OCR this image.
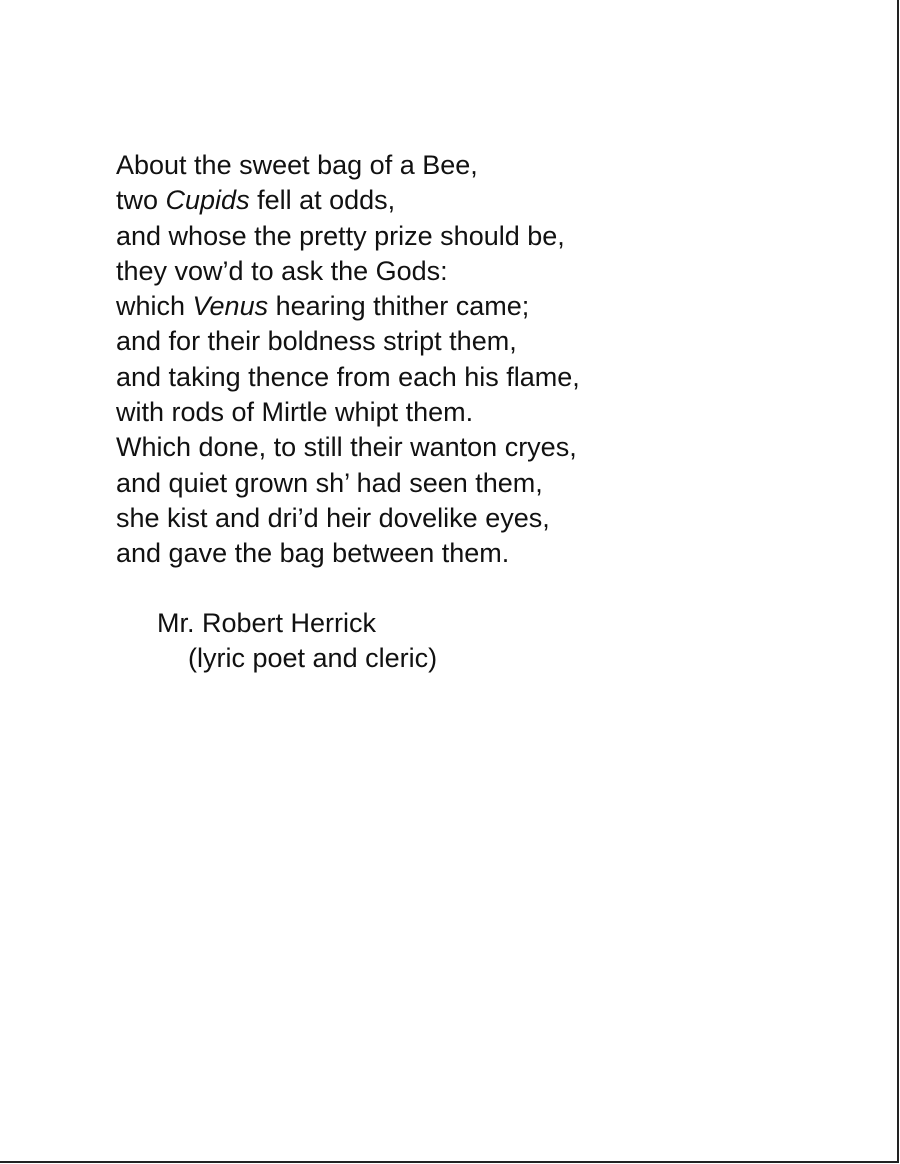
About the sweet bag of a Bee,

two Cupids fell at odds,

and whose the pretty prize should be,

they vow’d to ask the Gods:

which Venus hearing thither came;

and for their boldness stript them,

and taking thence from each his flame,

with rods of Mirtle whipt them.

Which done, to still their wanton cryes,

and quiet grown sh’ had seen them,

she kist and dri’d heir dovelike eyes,

and gave the bag between them.

Mr. Robert Herrick

(lyric poet and cleric)
